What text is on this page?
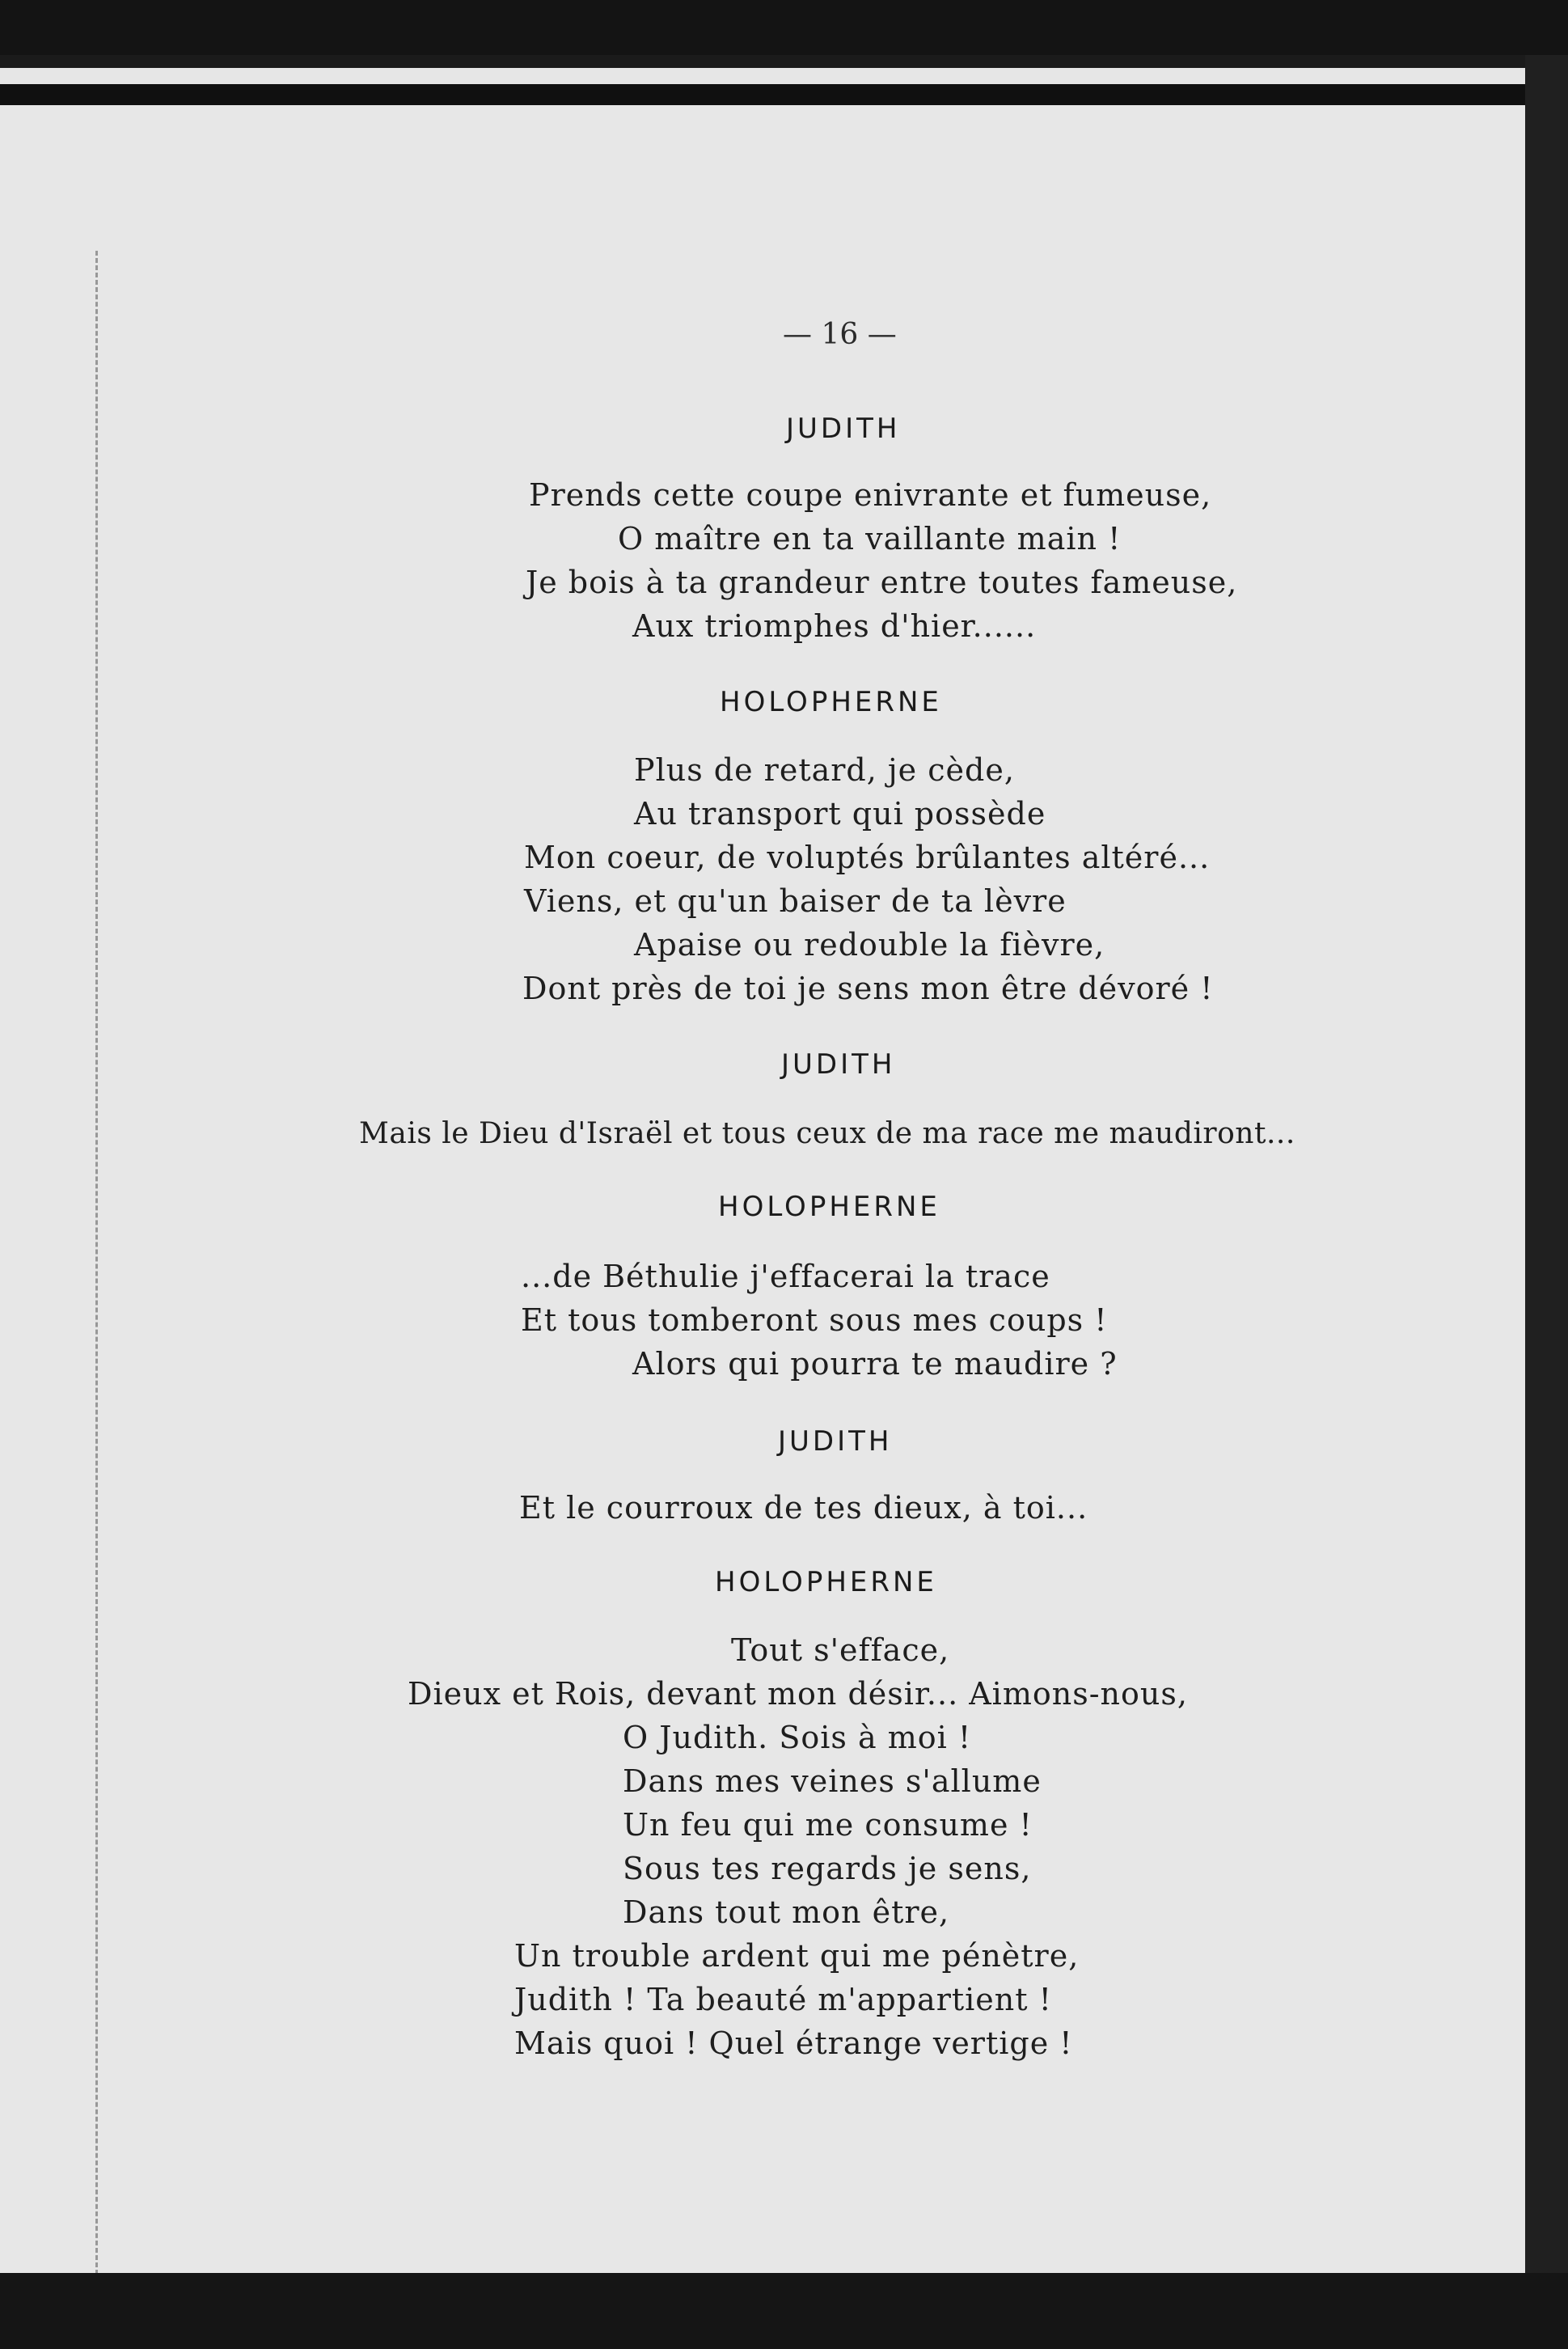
— 16 —
JUDITH
Prends cette coupe enivrante et fumeuse,
O maître en ta vaillante main !
Je bois à ta grandeur entre toutes fameuse,
Aux triomphes d'hier......
HOLOPHERNE
Plus de retard, je cède,
Au transport qui possède
Mon coeur, de voluptés brûlantes altéré...
Viens, et qu'un baiser de ta lèvre
Apaise ou redouble la fièvre,
Dont près de toi je sens mon être dévoré !
JUDITH
Mais le Dieu d'Israël et tous ceux de ma race me maudiront...
HOLOPHERNE
...de Béthulie j'effacerai la trace
Et tous tomberont sous mes coups !
Alors qui pourra te maudire ?
JUDITH
Et le courroux de tes dieux, à toi...
HOLOPHERNE
Tout s'efface,
Dieux et Rois, devant mon désir... Aimons-nous,
O Judith. Sois à moi !
Dans mes veines s'allume
Un feu qui me consume !
Sous tes regards je sens,
Dans tout mon être,
Un trouble ardent qui me pénètre,
Judith ! Ta beauté m'appartient !
Mais quoi ! Quel étrange vertige !
